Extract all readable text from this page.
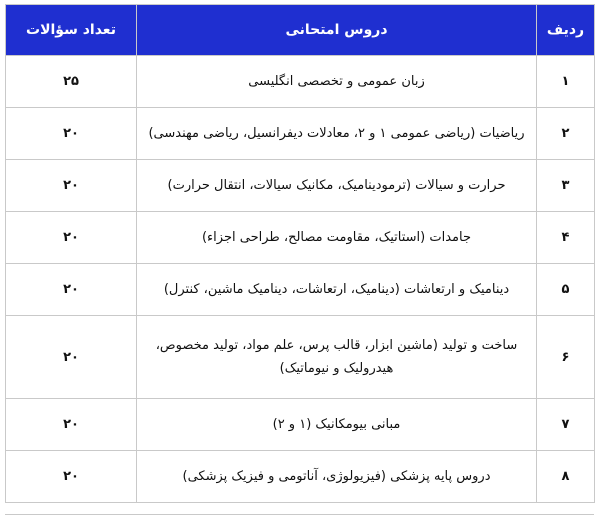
ردیف	دروس امتحانی	تعداد سؤالات
۱	زبان عمومی و تخصصی انگلیسی	۲۵
۲	ریاضیات (ریاضی عمومی ۱ و ۲، معادلات دیفرانسیل، ریاضی مهندسی)	۲۰
۳	حرارت و سیالات (ترمودینامیک، مکانیک سیالات، انتقال حرارت)	۲۰
۴	جامدات (استاتیک، مقاومت مصالح، طراحی اجزاء)	۲۰
۵	دینامیک و ارتعاشات (دینامیک، ارتعاشات، دینامیک ماشین، کنترل)	۲۰
۶	ساخت و تولید (ماشین ابزار، قالب پرس، علم مواد، تولید مخصوص، هیدرولیک و نیوماتیک)	۲۰
۷	مبانی بیومکانیک (۱ و ۲)	۲۰
۸	دروس پایه پزشکی (فیزیولوژی، آناتومی و فیزیک پزشکی)	۲۰
